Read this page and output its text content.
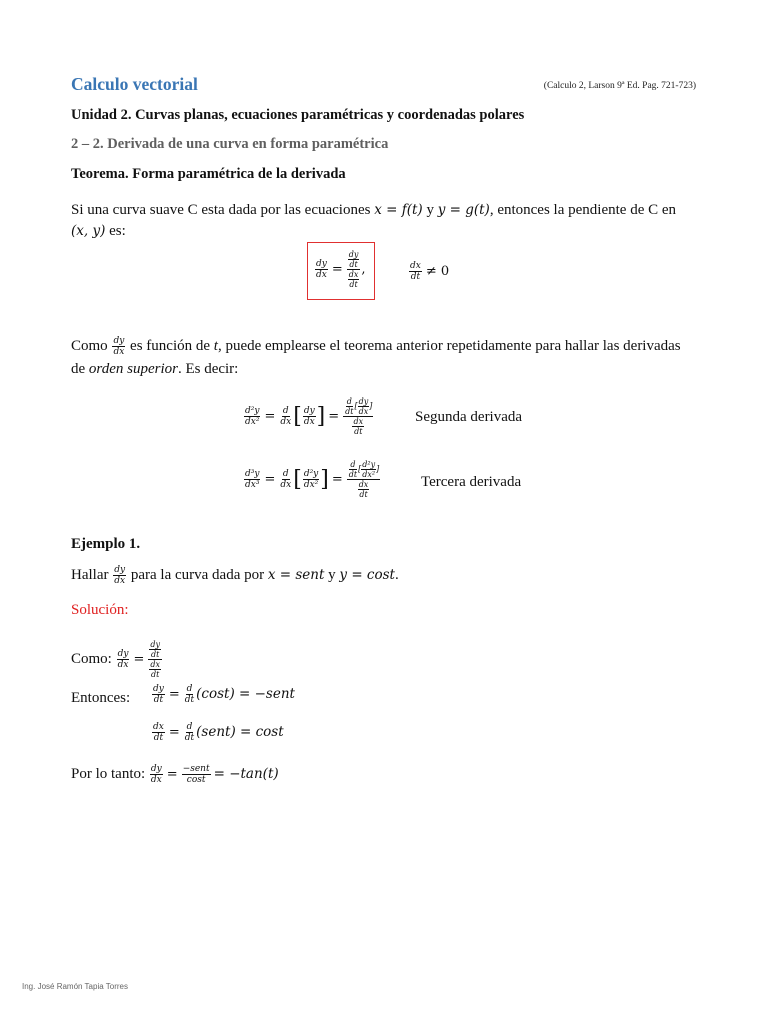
Calculo vectorial	(Calculo 2, Larson 9ª Ed. Pag. 721-723)
Unidad 2. Curvas planas, ecuaciones paramétricas y coordenadas polares
2 – 2. Derivada de una curva en forma paramétrica
Teorema. Forma paramétrica de la derivada
Si una curva suave C esta dada por las ecuaciones x = f(t) y y = g(t), entonces la pendiente de C en
(x, y) es:
$\frac{dy}{dx}$ =
$\frac{dy}{dt}$
$\frac{dx}{dt}$
,	$\frac{dx}{dt} \ne 0$
Como $\frac{dy}{dx}$ es función de t, puede emplearse el teorema anterior repetidamente para hallar las derivadas
de orden superior. Es decir:
$\frac{\text{d²y}}{\text{dx²}} = \frac{d}{dx}$ [ $\frac{dy}{dx}$ ] =
$\frac{d}{dt}$ [ $\frac{dy}{dx}$ ]
$\frac{dx}{dt}$	Segunda derivada
$\frac{\text{d³y}}{\text{dx³}} = \frac{d}{dx}$ [ $\frac{\text{d²y}}{\text{dx²}}$ ] =
$\frac{d}{dt}$ [ $\frac{\text{d²y}}{\text{dx²}}$ ]
$\frac{dx}{dt}$	Tercera derivada
Ejemplo 1.
Hallar $\frac{dy}{dx}$ para la curva dada por x = sent y y = cost.
Solución:
Como: $\frac{dy}{dx}$ =
$\frac{dy}{dt}$
$\frac{dx}{dt}$
Entonces: $\frac{dy}{dt} = \frac{d}{dt} (\cos t)$ = −sent
$\frac{dx}{dt} = \frac{d}{dt}$ (sent) = cost
Por lo tanto: $\frac{dy}{dx}$ = −sent
cost = −tan(t)
Ing. José Ramón Tapia Torres
